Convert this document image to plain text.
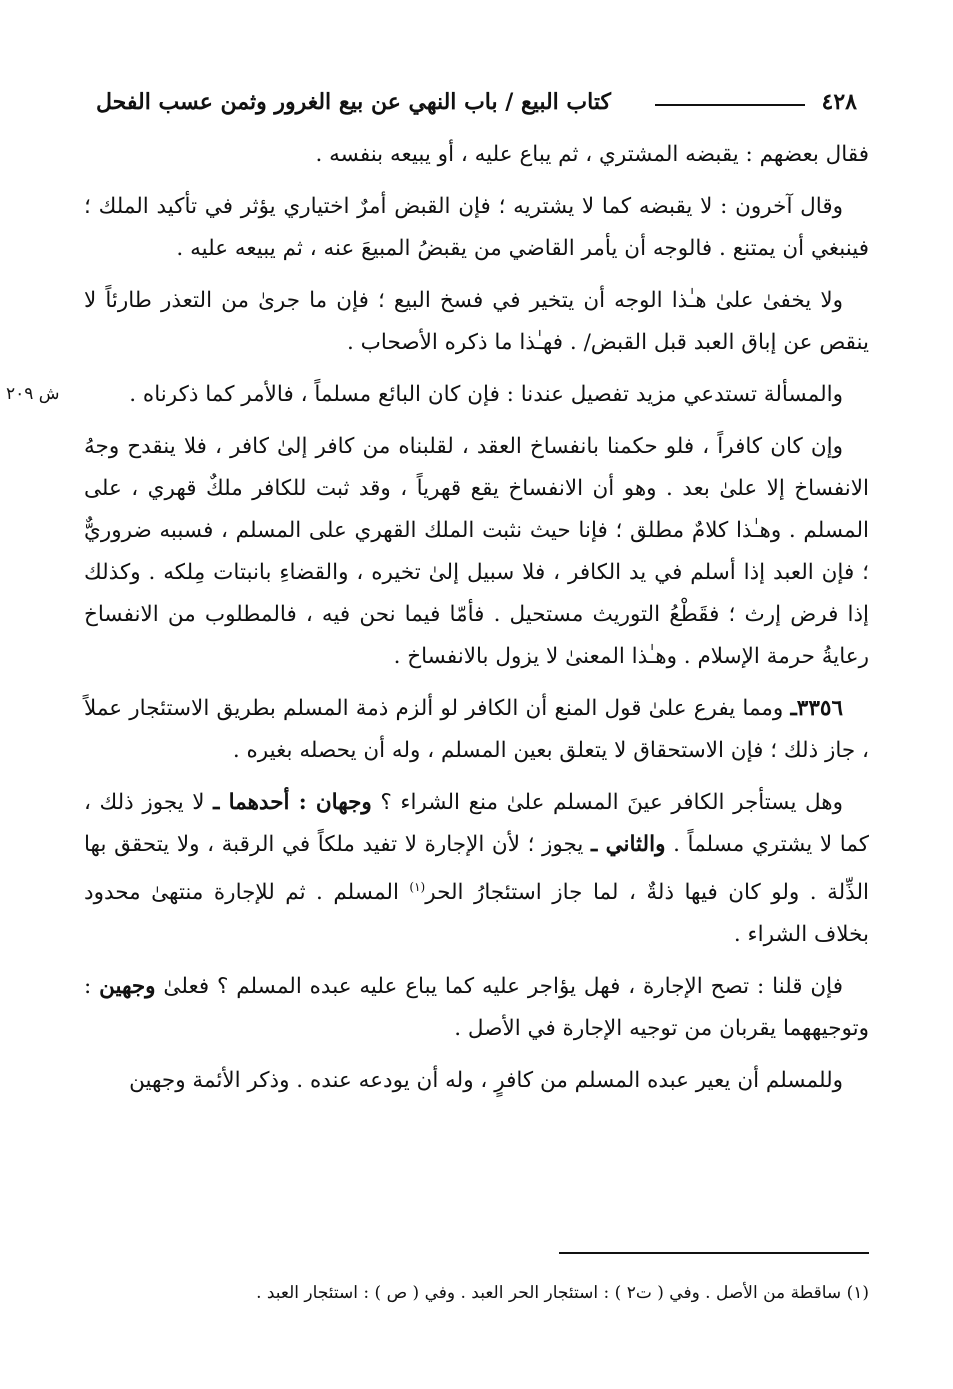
٤٢٨
كتاب البيع / باب النهي عن بيع الغرور وثمن عسب الفحل
ش ٢٠٩

فقال بعضهم : يقبضه المشتري ، ثم يباع عليه ، أو يبيعه بنفسه .

وقال آخرون : لا يقبضه كما لا يشتريه ؛ فإن القبض أمرٌ اختياري يؤثر في تأكيد الملك ؛ فينبغي أن يمتنع . فالوجه أن يأمر القاضي من يقبضُ المبيعَ عنه ، ثم يبيعه عليه .

ولا يخفىٰ علىٰ هـٰذا الوجه أن يتخير في فسخ البيع ؛ فإن ما جرىٰ من التعذر طارئاً لا ينقص عن إباق العبد قبل القبض/ . فهـٰذا ما ذكره الأصحاب .

والمسألة تستدعي مزيد تفصيل عندنا : فإن كان البائع مسلماً ، فالأمر كما ذكرناه .

وإن كان كافراً ، فلو حكمنا بانفساخ العقد ، لقلبناه من كافر إلىٰ كافر ، فلا ينقدح وجهُ الانفساخ إلا علىٰ بعد . وهو أن الانفساخ يقع قهرياً ، وقد ثبت للكافر ملكٌ قهري ، على المسلم . وهـٰذا كلامٌ مطلق ؛ فإنا حيث نثبت الملك القهري على المسلم ، فسببه ضروريٌّ ؛ فإن العبد إذا أسلم في يد الكافر ، فلا سبيل إلىٰ تخيره ، والقضاءِ بانبتات مِلكه . وكذلك إذا فرض إرث ؛ فقَطْعُ التوريث مستحيل . فأمّا فيما نحن فيه ، فالمطلوب من الانفساخ رعايةُ حرمة الإسلام . وهـٰذا المعنىٰ لا يزول بالانفساخ .

٣٣٥٦ـ ومما يفرع علىٰ قول المنع أن الكافر لو ألزم ذمة المسلم بطريق الاستئجار عملاً ، جاز ذلك ؛ فإن الاستحقاق لا يتعلق بعين المسلم ، وله أن يحصله بغيره .

وهل يستأجر الكافر عينَ المسلم علىٰ منع الشراء ؟ وجهان : أحدهما ـ لا يجوز ذلك ، كما لا يشتري مسلماً . والثاني ـ يجوز ؛ لأن الإجارة لا تفيد ملكاً في الرقبة ، ولا يتحقق بها الذِّلة . ولو كان فيها ذلةٌ ، لما جاز استئجارُ الحر$^{(١)}$ المسلم . ثم للإجارة منتهىٰ محدود بخلاف الشراء .

فإن قلنا : تصح الإجارة ، فهل يؤاجر عليه كما يباع عليه عبده المسلم ؟ فعلىٰ وجهين : وتوجيههما يقربان من توجيه الإجارة في الأصل .

وللمسلم أن يعير عبده المسلم من كافرٍ ، وله أن يودعه عنده . وذكر الأئمة وجهين

(١) ساقطة من الأصل . وفي ( ت٢ ) : استئجار الحر العبد . وفي ( ص ) : استئجار العبد .
